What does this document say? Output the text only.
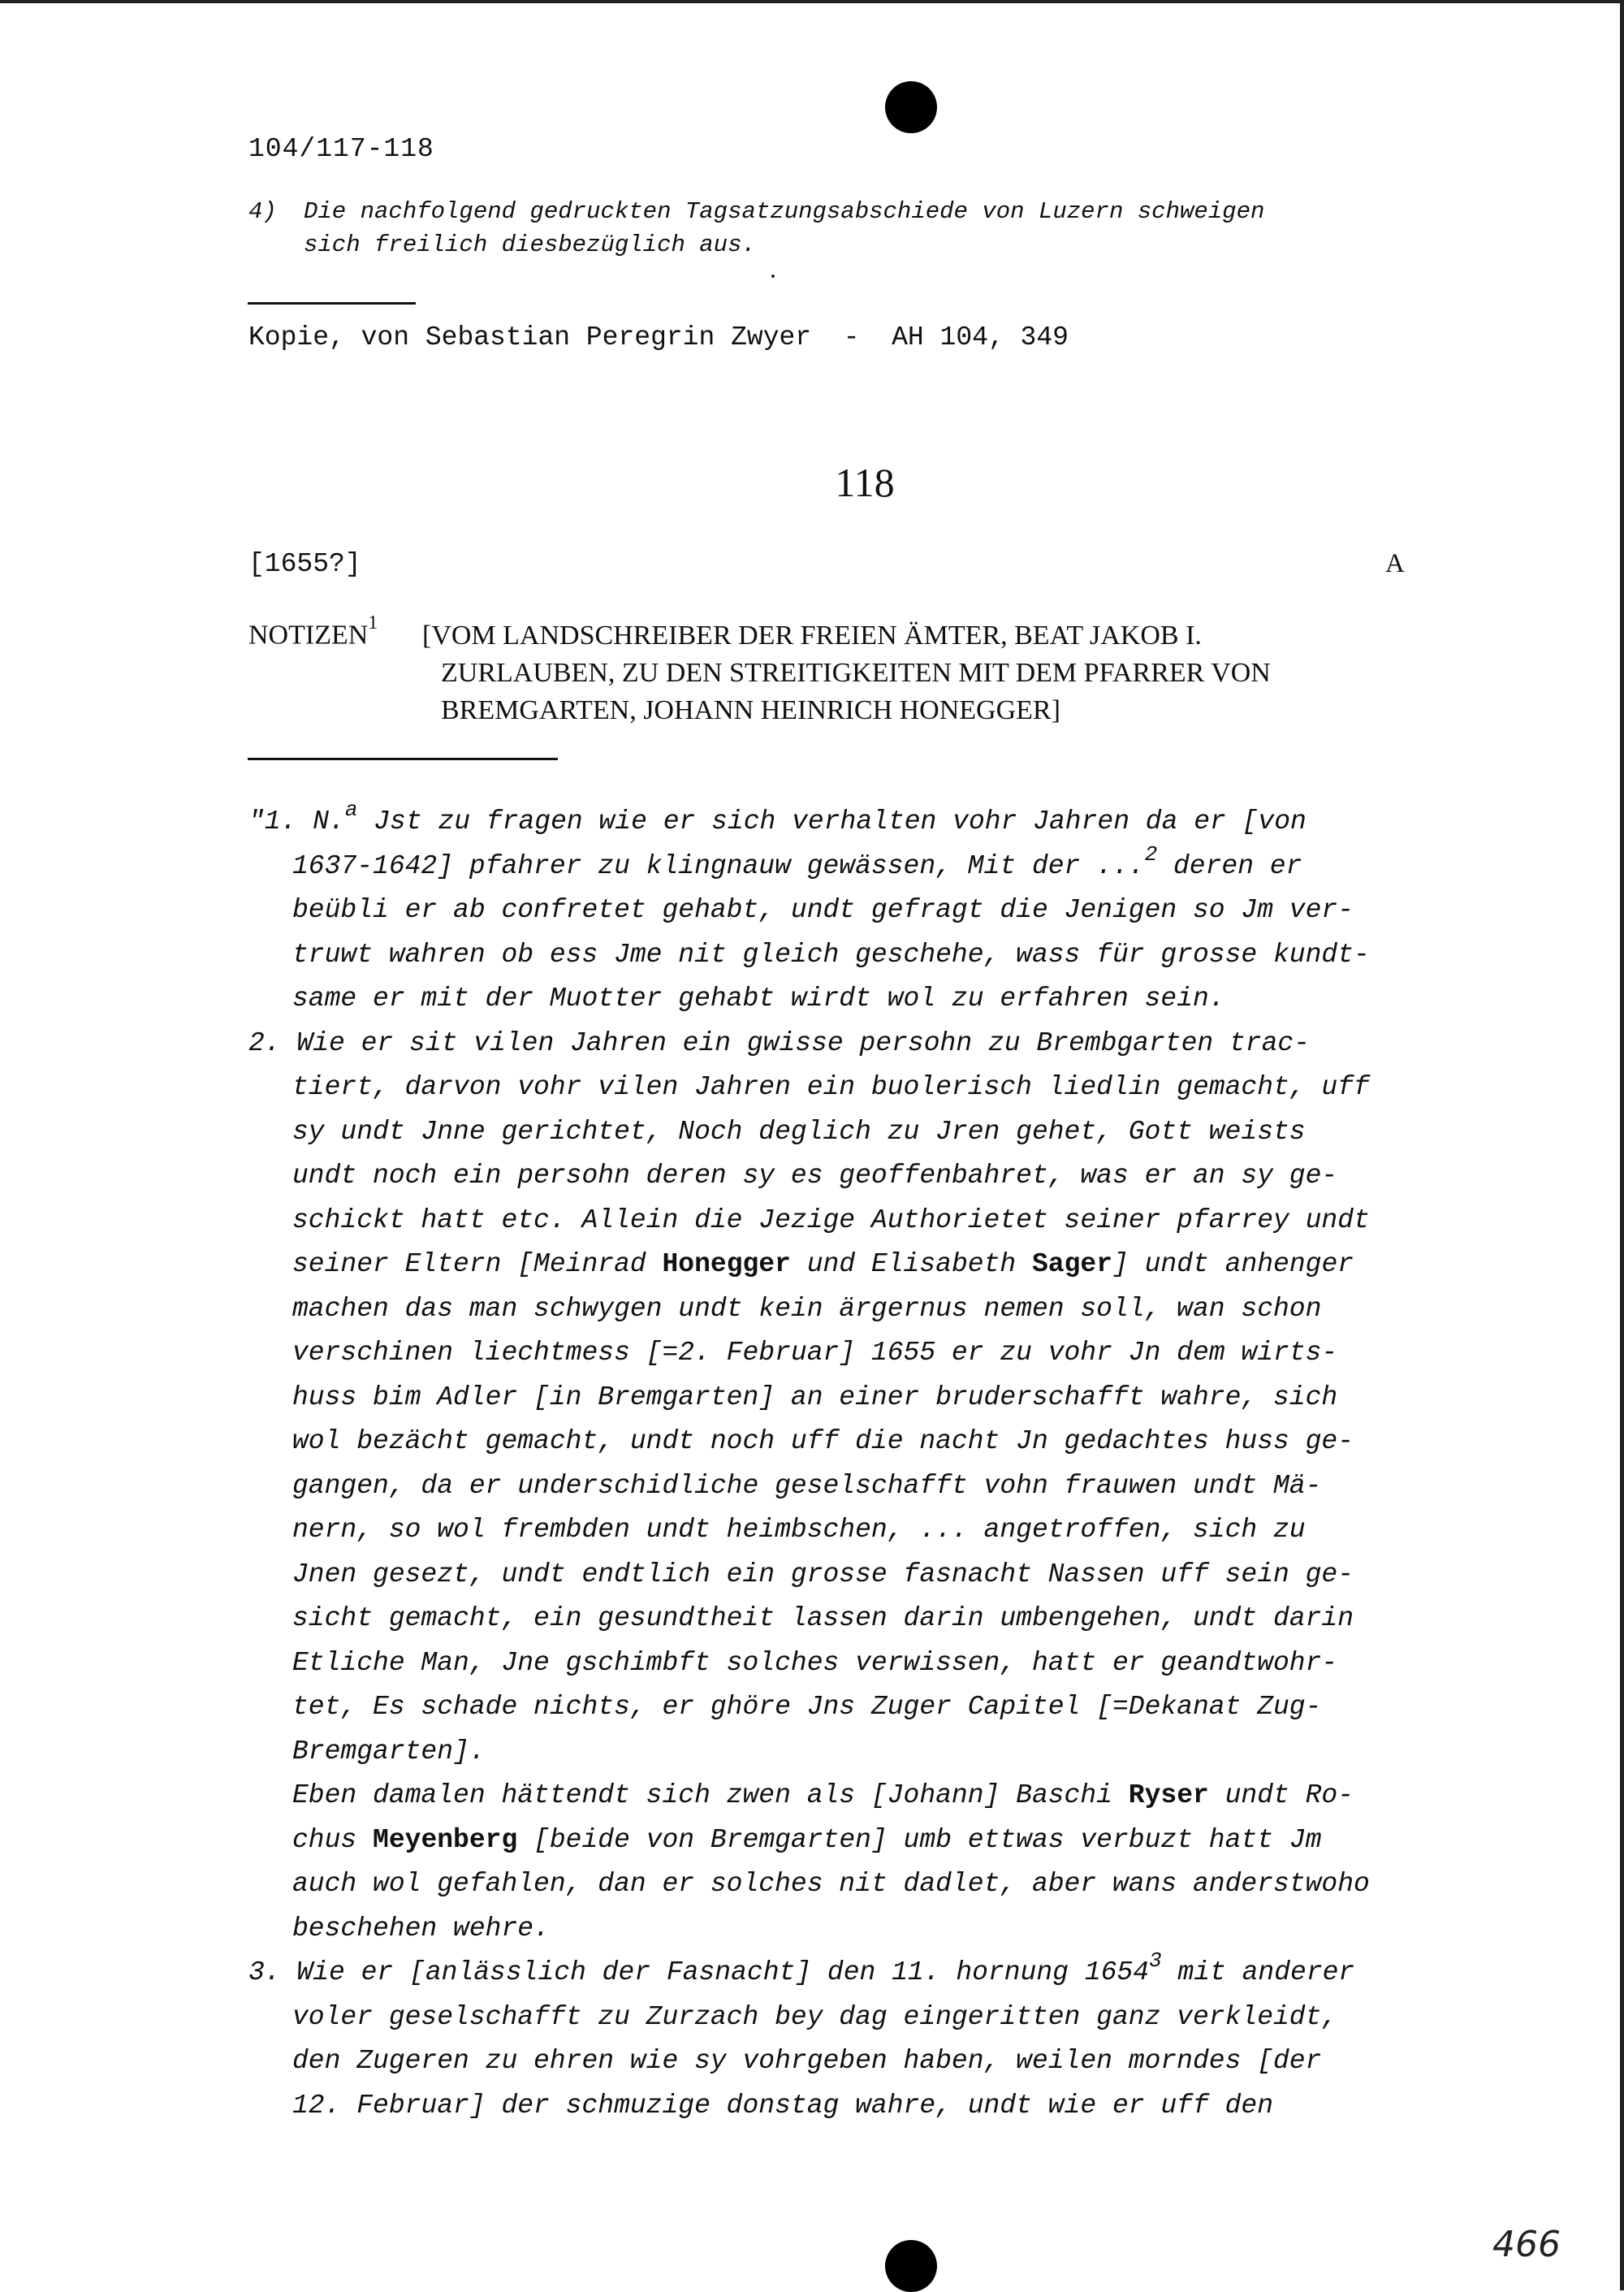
104/117-118

4)

Die nachfolgend gedruckten Tagsatzungsabschiede von Luzern schweigen
sich freilich diesbezüglich aus.

Kopie, von Sebastian Peregrin Zwyer  -  AH 104, 349
118
[1655?]	A
NOTIZEN$^1$ [VOM LANDSCHREIBER DER FREIEN ÄMTER, BEAT JAKOB I.
ZURLAUBEN, ZU DEN STREITIGKEITEN MIT DEM PFARRER VON
BREMGARTEN, JOHANN HEINRICH HONEGGER]
"1. N.$^a$ Jst zu fragen wie er sich verhalten vohr Jahren da er [von
1637-1642] pfahrer zu klingnauw gewässen, Mit der ...$^2$ deren er
beübli er ab confretet gehabt, undt gefragt die Jenigen so Jm ver-
truwt wahren ob ess Jme nit gleich geschehe, wass für grosse kundt-
same er mit der Muotter gehabt wirdt wol zu erfahren sein.
2. Wie er sit vilen Jahren ein gwisse persohn zu Brembgarten trac-
tiert, darvon vohr vilen Jahren ein buolerisch liedlin gemacht, uff
sy undt Jnne gerichtet, Noch deglich zu Jren gehet, Gott weists
undt noch ein persohn deren sy es geoffenbahret, was er an sy ge-
schickt hatt etc. Allein die Jezige Authorietet seiner pfarrey undt
seiner Eltern [Meinrad Honegger und Elisabeth Sager] undt anhenger
machen das man schwygen undt kein ärgernus nemen soll, wan schon
verschinen liechtmess [=2. Februar] 1655 er zu vohr Jn dem wirts-
huss bim Adler [in Bremgarten] an einer bruderschafft wahre, sich
wol bezächt gemacht, undt noch uff die nacht Jn gedachtes huss ge-
gangen, da er underschidliche geselschafft vohn frauwen undt Mä-
nern, so wol frembden undt heimbschen, ... angetroffen, sich zu
Jnen gesezt, undt endtlich ein grosse fasnacht Nassen uff sein ge-
sicht gemacht, ein gesundtheit lassen darin umbengehen, undt darin
Etliche Man, Jne gschimbft solches verwissen, hatt er geandtwohr-
tet, Es schade nichts, er ghöre Jns Zuger Capitel [=Dekanat Zug-
Bremgarten].
Eben damalen hättendt sich zwen als [Johann] Baschi Ryser undt Ro-
chus Meyenberg [beide von Bremgarten] umb ettwas verbuzt hatt Jm
auch wol gefahlen, dan er solches nit dadlet, aber wans anderstwoho
beschehen wehre.
3. Wie er [anlässlich der Fasnacht] den 11. hornung 1654$^3$ mit anderer
voler geselschafft zu Zurzach bey dag eingeritten ganz verkleidt,
den Zugeren zu ehren wie sy vohrgeben haben, weilen morndes [der
12. Februar] der schmuzige donstag wahre, undt wie er uff den
466
